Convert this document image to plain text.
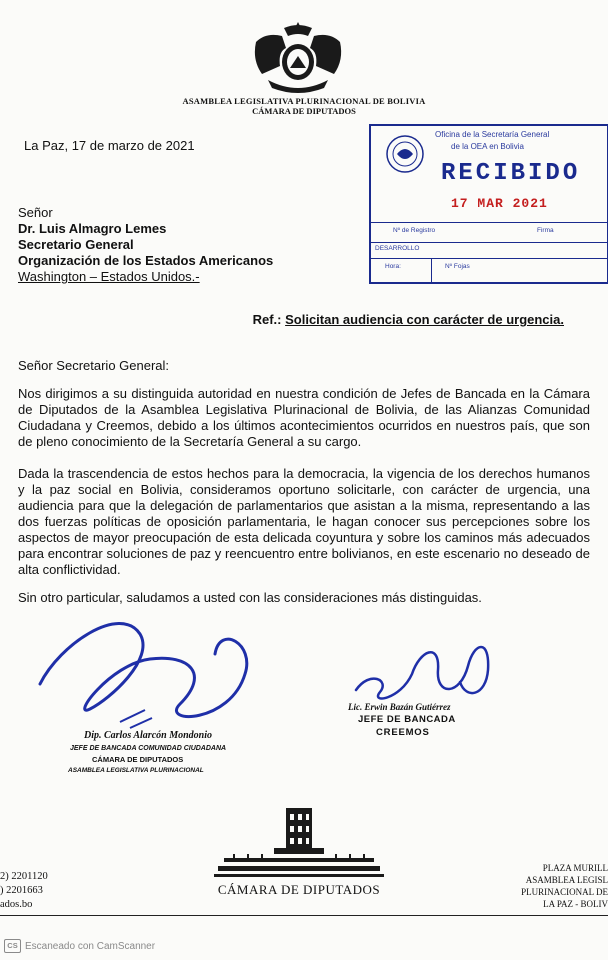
ASAMBLEA LEGISLATIVA PLURINACIONAL DE BOLIVIA
CÁMARA DE DIPUTADOS
La Paz, 17 de marzo de 2021
Oficina de la Secretaría General
de la OEA en Bolivia
RECIBIDO
17 MAR 2021
Nº de Registro	Firma
DESARROLLO
Hora:	Nº Fojas
Señor
Dr. Luis Almagro Lemes
Secretario General
Organización de los Estados Americanos
Washington – Estados Unidos.-
Ref.: Solicitan audiencia con carácter de urgencia.
Señor Secretario General:
Nos dirigimos a su distinguida autoridad en nuestra condición de Jefes de Bancada en la Cámara de Diputados de la Asamblea Legislativa Plurinacional de Bolivia, de las Alianzas Comunidad Ciudadana y Creemos, debido a los últimos acontecimientos ocurridos en nuestros país, que son de pleno conocimiento de la Secretaría General a su cargo.
Dada la trascendencia de estos hechos para la democracia, la vigencia de los derechos humanos y la paz social en Bolivia, consideramos oportuno solicitarle, con carácter de urgencia, una audiencia para que la delegación de parlamentarios que asistan a la misma, representando a las dos fuerzas políticas de oposición parlamentaria, le hagan conocer sus percepciones sobre los aspectos de mayor preocupación de esta delicada coyuntura y sobre los caminos más adecuados para encontrar soluciones de paz y reencuentro entre bolivianos, en este escenario no deseado de alta conflictividad.
Sin otro particular, saludamos a usted con las consideraciones más distinguidas.
Dip. Carlos Alarcón Mondonio
JEFE DE BANCADA COMUNIDAD CIUDADANA
CÁMARA DE DIPUTADOS
ASAMBLEA LEGISLATIVA PLURINACIONAL
Lic. Erwin Bazán Gutiérrez
JEFE DE BANCADA
CREEMOS
2) 2201120
) 2201663
ados.bo
CÁMARA DE DIPUTADOS
PLAZA MURILL
ASAMBLEA LEGISL
PLURINACIONAL DE
LA PAZ - BOLIV
CS Escaneado con CamScanner
